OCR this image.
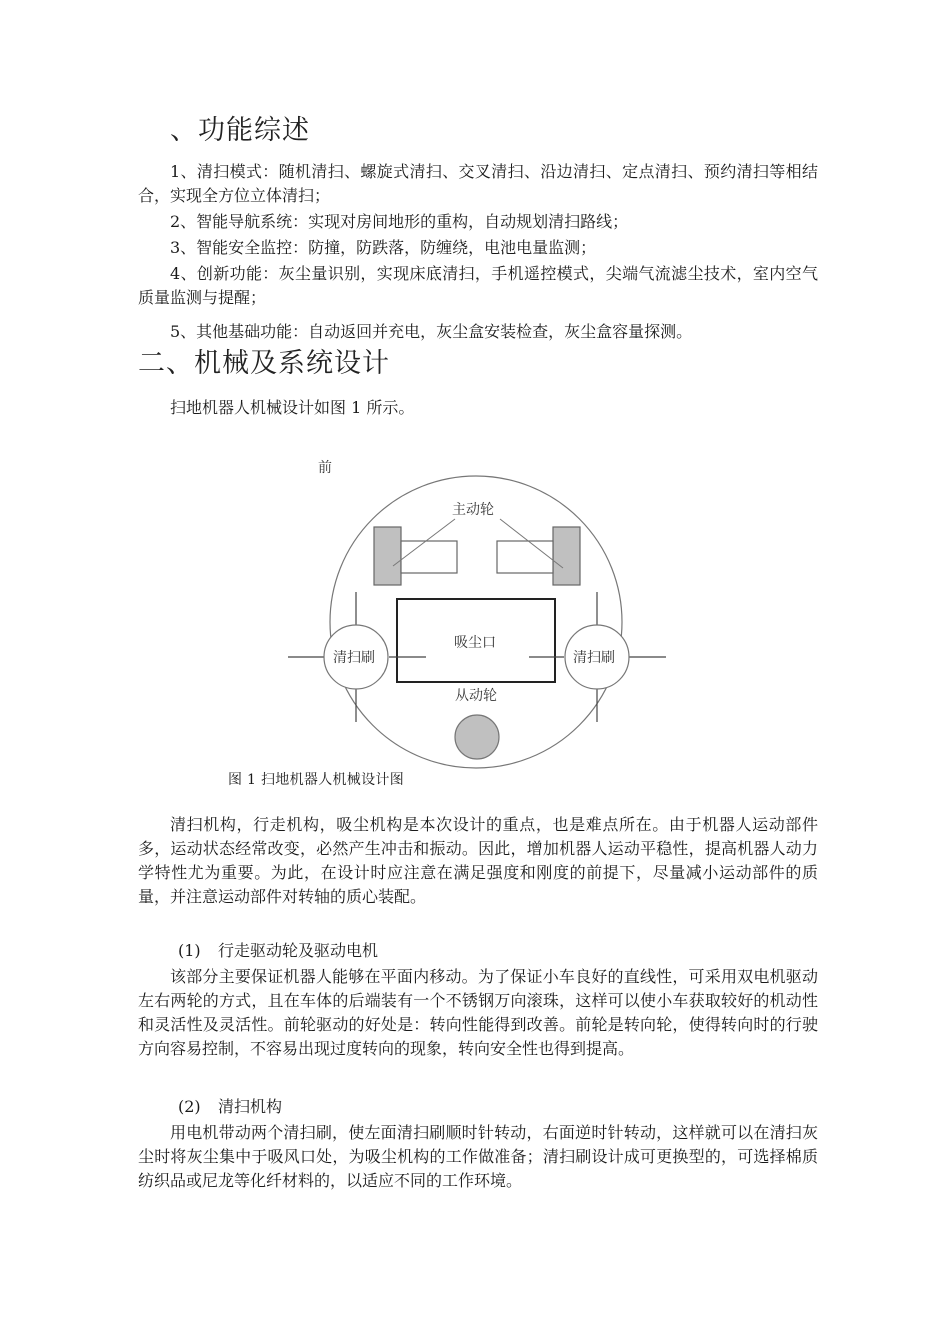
、功能综述

1、清扫模式：随机清扫、螺旋式清扫、交叉清扫、沿边清扫、定点清扫、预约清扫等相结合，实现全方位立体清扫；

2、智能导航系统：实现对房间地形的重构，自动规划清扫路线；

3、智能安全监控：防撞，防跌落，防缠绕，电池电量监测；

4、创新功能：灰尘量识别，实现床底清扫，手机遥控模式，尖端气流滤尘技术，室内空气质量监测与提醒；

5、其他基础功能：自动返回并充电，灰尘盒安装检查，灰尘盒容量探测。

二、机械及系统设计

扫地机器人机械设计如图 1 所示。

前
主动轮
吸尘口
清扫刷	清扫刷
从动轮

图 1 扫地机器人机械设计图

清扫机构，行走机构，吸尘机构是本次设计的重点，也是难点所在。由于机器人运动部件多，运动状态经常改变，必然产生冲击和振动。因此，增加机器人运动平稳性，提高机器人动力学特性尤为重要。为此，在设计时应注意在满足强度和刚度的前提下，尽量减小运动部件的质量，并注意运动部件对转轴的质心装配。

(1) 行走驱动轮及驱动电机

该部分主要保证机器人能够在平面内移动。为了保证小车良好的直线性，可采用双电机驱动左右两轮的方式，且在车体的后端装有一个不锈钢万向滚珠，这样可以使小车获取较好的机动性和灵活性及灵活性。前轮驱动的好处是：转向性能得到改善。前轮是转向轮，使得转向时的行驶方向容易控制，不容易出现过度转向的现象，转向安全性也得到提高。

(2) 清扫机构

用电机带动两个清扫刷，使左面清扫刷顺时针转动，右面逆时针转动，这样就可以在清扫灰尘时将灰尘集中于吸风口处，为吸尘机构的工作做准备；清扫刷设计成可更换型的，可选择棉质纺织品或尼龙等化纤材料的，以适应不同的工作环境。
